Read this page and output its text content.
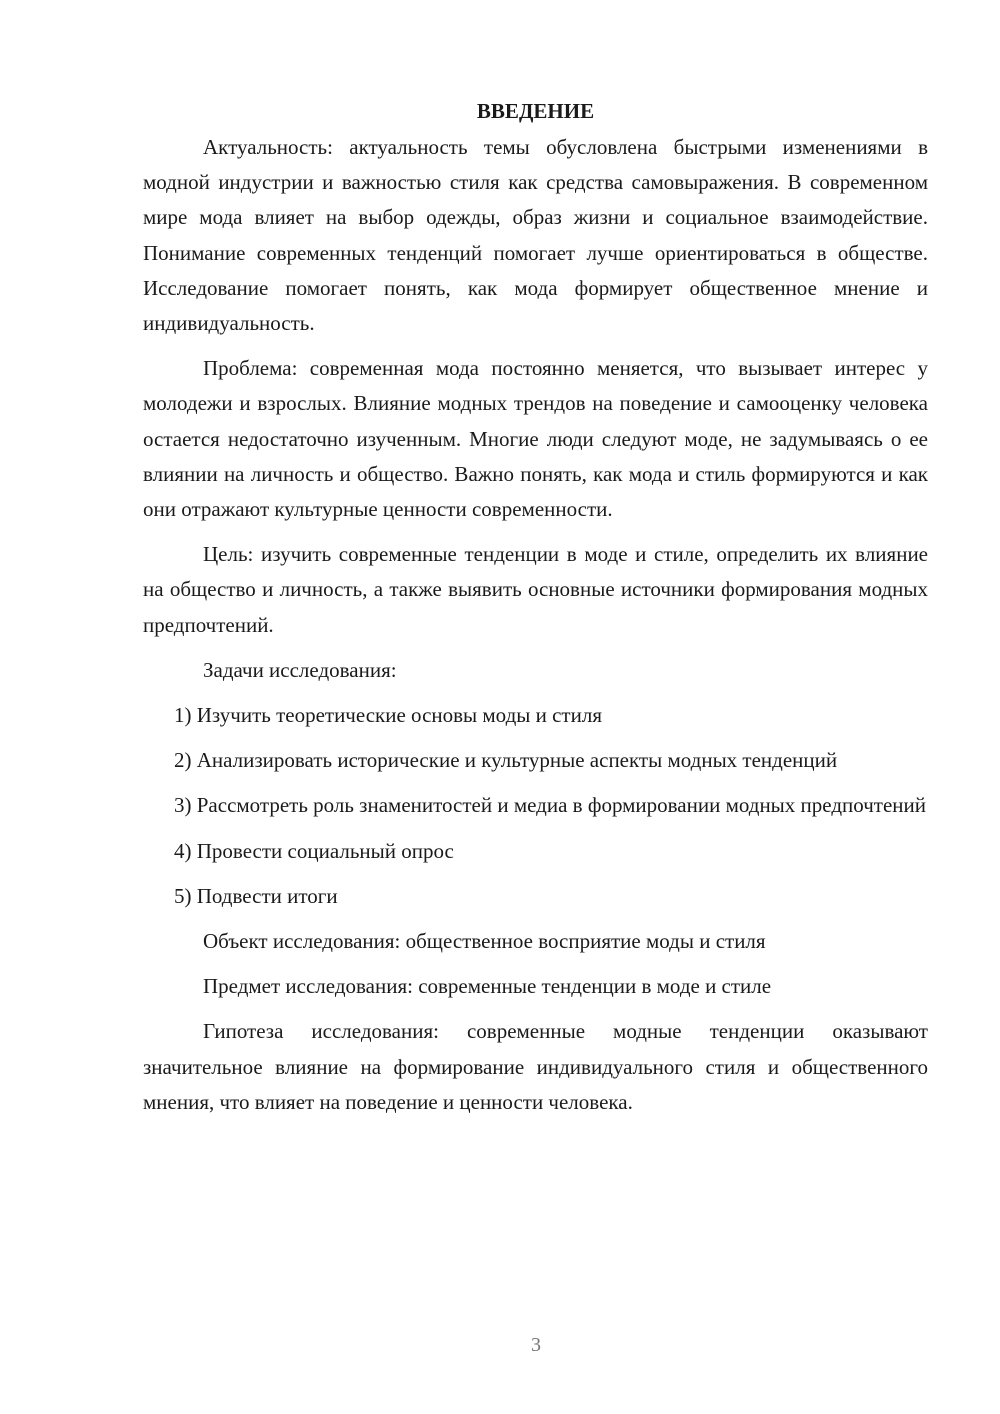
ВВЕДЕНИЕ

Актуальность: актуальность темы обусловлена быстрыми изменениями в модной индустрии и важностью стиля как средства самовыражения. В современном мире мода влияет на выбор одежды, образ жизни и социальное взаимодействие. Понимание современных тенденций помогает лучше ориентироваться в обществе. Исследование помогает понять, как мода формирует общественное мнение и индивидуальность.

Проблема: современная мода постоянно меняется, что вызывает интерес у молодежи и взрослых. Влияние модных трендов на поведение и самооценку человека остается недостаточно изученным. Многие люди следуют моде, не задумываясь о ее влиянии на личность и общество. Важно понять, как мода и стиль формируются и как они отражают культурные ценности современности.

Цель: изучить современные тенденции в моде и стиле, определить их влияние на общество и личность, а также выявить основные источники формирования модных предпочтений.

Задачи исследования:

1) Изучить теоретические основы моды и стиля

2) Анализировать исторические и культурные аспекты модных тенденций

3) Рассмотреть роль знаменитостей и медиа в формировании модных предпочтений

4) Провести социальный опрос

5) Подвести итоги

Объект исследования: общественное восприятие моды и стиля

Предмет исследования: современные тенденции в моде и стиле

Гипотеза исследования: современные модные тенденции оказывают значительное влияние на формирование индивидуального стиля и общественного мнения, что влияет на поведение и ценности человека.

3
